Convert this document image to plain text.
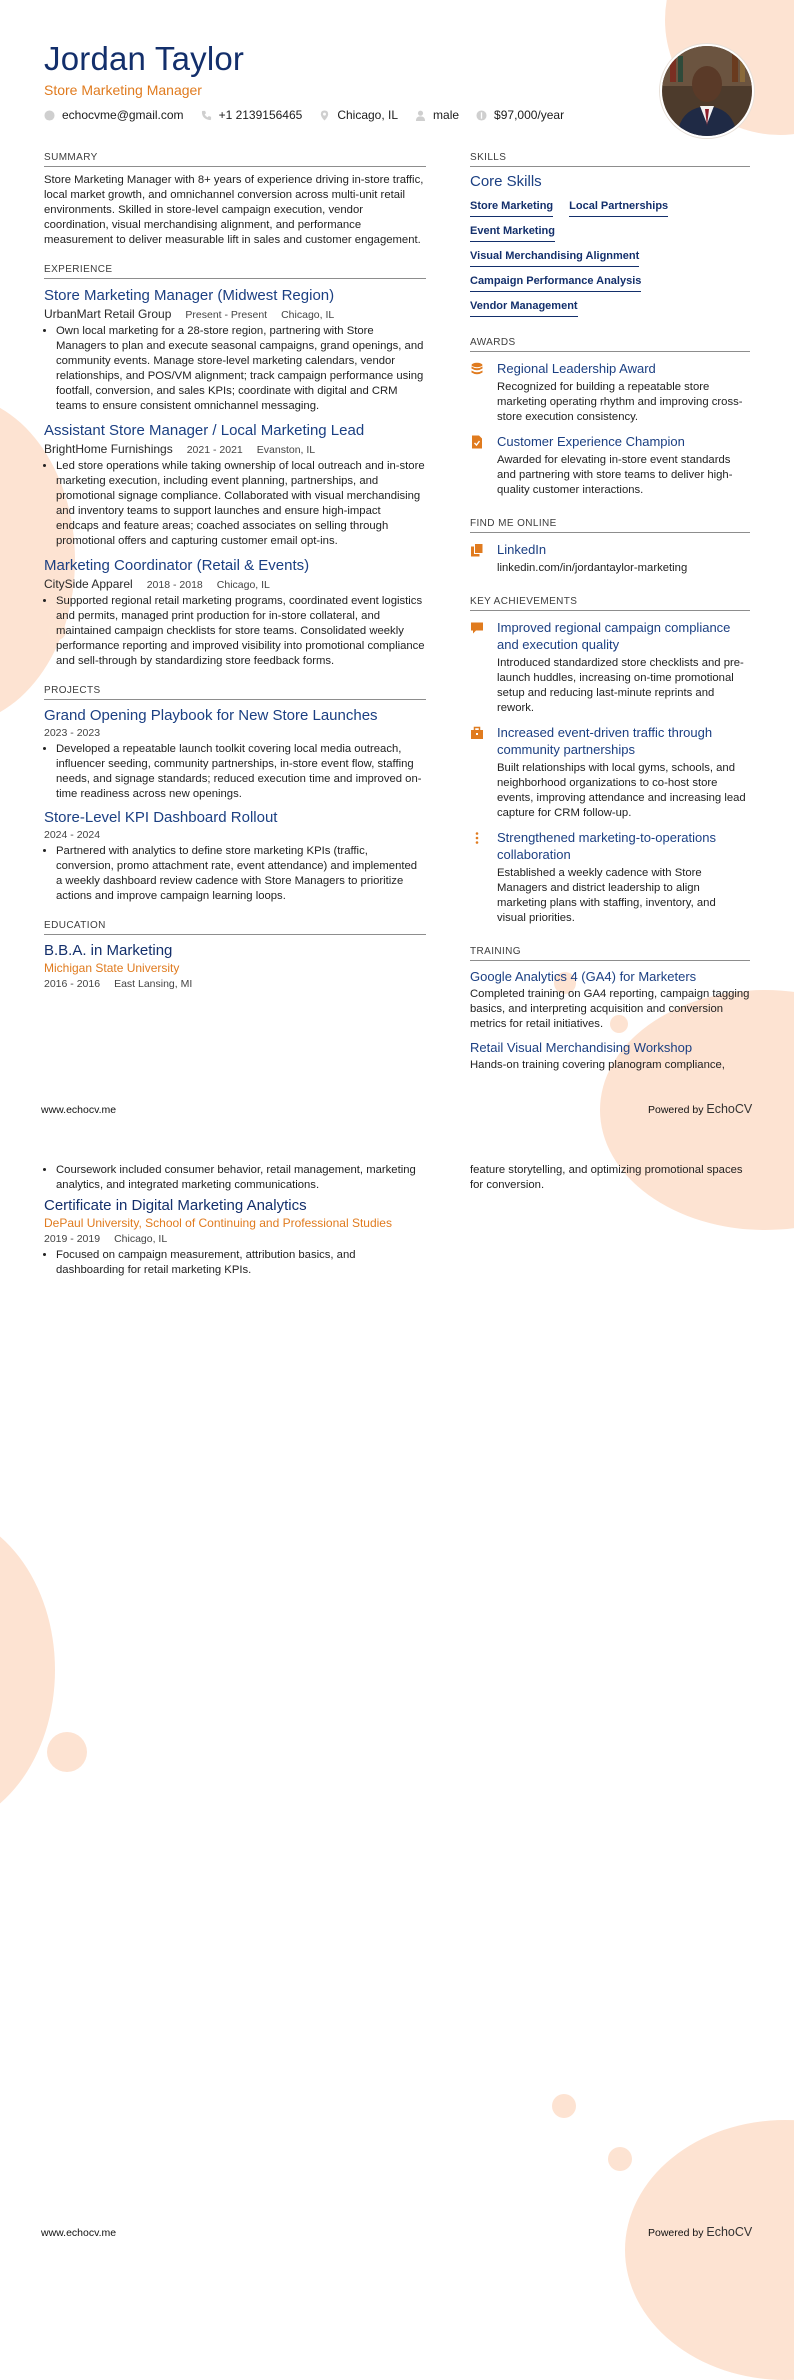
Jordan Taylor
Store Marketing Manager
echocvme@gmail.com	+1 2139156465	Chicago, IL	male	$97,000/year
SUMMARY
Store Marketing Manager with 8+ years of experience driving in-store traffic, local market growth, and omnichannel conversion across multi-unit retail environments. Skilled in store-level campaign execution, vendor coordination, visual merchandising alignment, and performance measurement to deliver measurable lift in sales and customer engagement.
EXPERIENCE
Store Marketing Manager (Midwest Region)
UrbanMart Retail Group Present - Present Chicago, IL
• Own local marketing for a 28-store region, partnering with Store Managers to plan and execute seasonal campaigns, grand openings, and community events. Manage store-level marketing calendars, vendor relationships, and POS/VM alignment; track campaign performance using footfall, conversion, and sales KPIs; coordinate with digital and CRM teams to ensure consistent omnichannel messaging.
Assistant Store Manager / Local Marketing Lead
BrightHome Furnishings 2021 - 2021 Evanston, IL
• Led store operations while taking ownership of local outreach and in-store marketing execution, including event planning, partnerships, and promotional signage compliance. Collaborated with visual merchandising and inventory teams to support launches and ensure high-impact endcaps and feature areas; coached associates on selling through promotional offers and capturing customer email opt-ins.
Marketing Coordinator (Retail & Events)
CitySide Apparel 2018 - 2018 Chicago, IL
• Supported regional retail marketing programs, coordinated event logistics and permits, managed print production for in-store collateral, and maintained campaign checklists for store teams. Consolidated weekly performance reporting and improved visibility into promotional compliance and sell-through by standardizing store feedback forms.
PROJECTS
Grand Opening Playbook for New Store Launches
2023 - 2023
• Developed a repeatable launch toolkit covering local media outreach, influencer seeding, community partnerships, in-store event flow, staffing needs, and signage standards; reduced execution time and improved on-time readiness across new openings.
Store-Level KPI Dashboard Rollout
2024 - 2024
• Partnered with analytics to define store marketing KPIs (traffic, conversion, promo attachment rate, event attendance) and implemented a weekly dashboard review cadence with Store Managers to prioritize actions and improve campaign learning loops.
EDUCATION
B.B.A. in Marketing
Michigan State University
2016 - 2016 East Lansing, MI
SKILLS
Core Skills
Store Marketing Local Partnerships
Event Marketing
Visual Merchandising Alignment
Campaign Performance Analysis
Vendor Management
AWARDS
Regional Leadership Award
Recognized for building a repeatable store marketing operating rhythm and improving cross-store execution consistency.
Customer Experience Champion
Awarded for elevating in-store event standards and partnering with store teams to deliver high-quality customer interactions.
FIND ME ONLINE
LinkedIn
linkedin.com/in/jordantaylor-marketing
KEY ACHIEVEMENTS
Improved regional campaign compliance and execution quality
Introduced standardized store checklists and pre-launch huddles, increasing on-time promotional setup and reducing last-minute reprints and rework.
Increased event-driven traffic through community partnerships
Built relationships with local gyms, schools, and neighborhood organizations to co-host store events, improving attendance and increasing lead capture for CRM follow-up.
Strengthened marketing-to-operations collaboration
Established a weekly cadence with Store Managers and district leadership to align marketing plans with staffing, inventory, and visual priorities.
TRAINING
Google Analytics 4 (GA4) for Marketers
Completed training on GA4 reporting, campaign tagging basics, and interpreting acquisition and conversion metrics for retail initiatives.
Retail Visual Merchandising Workshop
Hands-on training covering planogram compliance,
www.echocv.me	Powered by EchoCV
• Coursework included consumer behavior, retail management, marketing analytics, and integrated marketing communications.
Certificate in Digital Marketing Analytics
DePaul University, School of Continuing and Professional Studies
2019 - 2019 Chicago, IL
• Focused on campaign measurement, attribution basics, and dashboarding for retail marketing KPIs.
feature storytelling, and optimizing promotional spaces for conversion.
www.echocv.me	Powered by EchoCV
